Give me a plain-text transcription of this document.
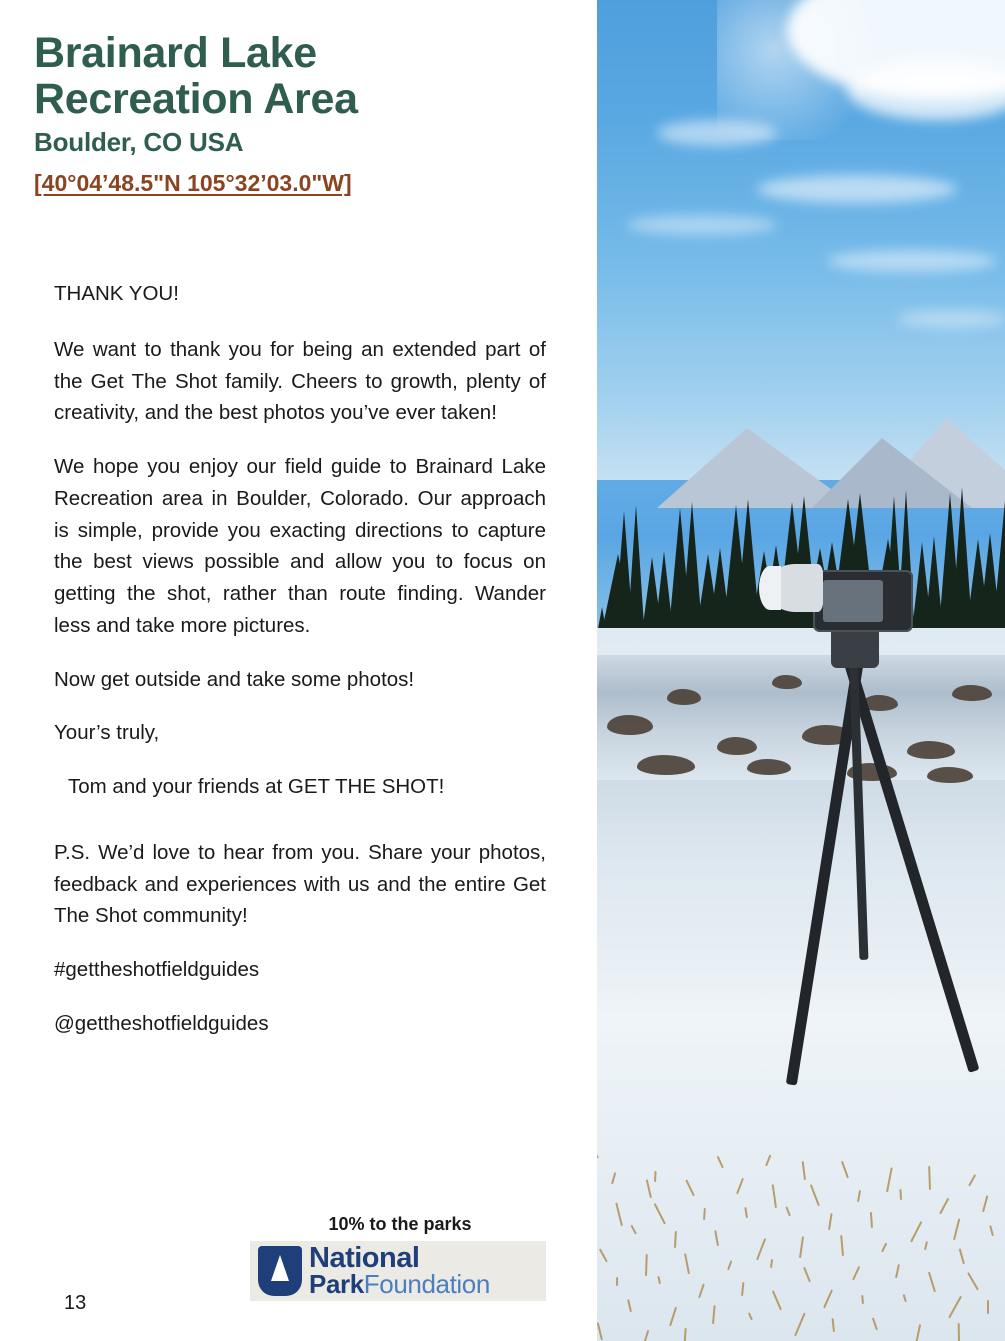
Brainard Lake
Recreation Area
Boulder, CO USA
[40°04’48.5"N 105°32’03.0"W]

THANK YOU!

We want to thank you for being an extended part of the Get The Shot family. Cheers to growth, plenty of creativity, and the best photos you’ve ever taken!

We hope you enjoy our field guide to Brainard Lake Recreation area in Boulder, Colorado. Our approach is simple, provide you exacting directions to capture the best views possible and allow you to focus on getting the shot, rather than route finding. Wander less and take more pictures.

Now get outside and take some photos!

Your’s truly,

Tom and your friends at GET THE SHOT!

P.S. We’d love to hear from you. Share your photos, feedback and experiences with us and the entire Get The Shot community!

#gettheshotfieldguides

@gettheshotfieldguides

10% to the parks
National
ParkFoundation
13
